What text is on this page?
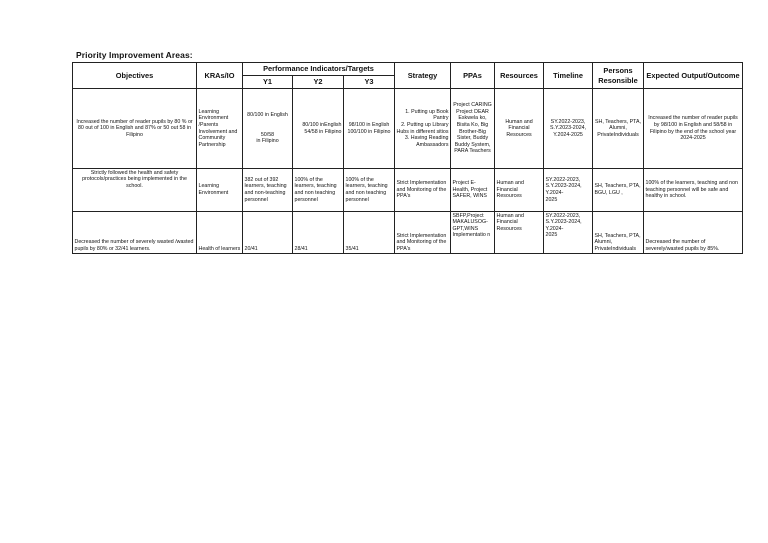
Priority Improvement Areas:
Objectives	KRAs/IO	Performance Indicators/Targets			Strategy	PPAs	Resources	Timeline	Persons Resonsible	Expected Output/Outcome
		Y1	Y2	Y3						
Increased the number of reader pupils by 80 % or 80 out of 100 in English and 87% or 50 out 58 in Filipino	Learning Environment /Parents Involvement and Community Partnership	80/100 in English

50/58
in Filipino	80/100 inEnglish
54/58 in Filipino	98/100 in English
100/100 in Filipino	1. Putting up Book Pantry
2. Putting up Library Hubs in different sitios
3. Having Reading Ambassadors	Project CARING
Project DEAR
Eskwela ko, Bisita Ko, Big Brother-Big Sister, Buddy Buddy System, PARA Teachers	Human and Financial Resources	SY.2022-2023,
S.Y.2023-2024,
Y.2024-2025	SH, Teachers, PTA, Alumni, PrivateIndividuals	Increased the number of reader pupils by 98/100 in English and 58/58 in Filipino by the end of the school year 2024-2025
Strictly followed the health and safety protocols/practices being implemented in the school.	Learning Environment	382 out of 392 learners, teaching and non-teaching personnel	100% of the learners, teaching and non teaching personnel	100% of the learners, teaching and non teaching personnel	Strict Implementation and Monitoring of the PPA's	Project E-Health, Project SAFER, WINS	Human and Financial Resources	SY.2022-2023,
S.Y.2023-2024,
Y.2024-
2025	SH, Teachers, PTA, BGU, LGU ,	100% of the learners, teaching and non teaching personnel will be safe and healthy in school.
Decreased the number of severely wasted /wasted pupils by 80% or 32/41 learners.	Health of learners	20/41	28/41	35/41	Strict Implementation and Monitoring of the PPA's	SBFP,Project MAKALUSOG-GPT,WINS Implementatio n	Human and Financial Resources	SY.2022-2023,
S.Y.2023-2024,
Y.2024-
2025	SH, Teachers, PTA, Alumni, PrivateIndividuals	Decreased the number of severely/wasted pupils by 85%.
